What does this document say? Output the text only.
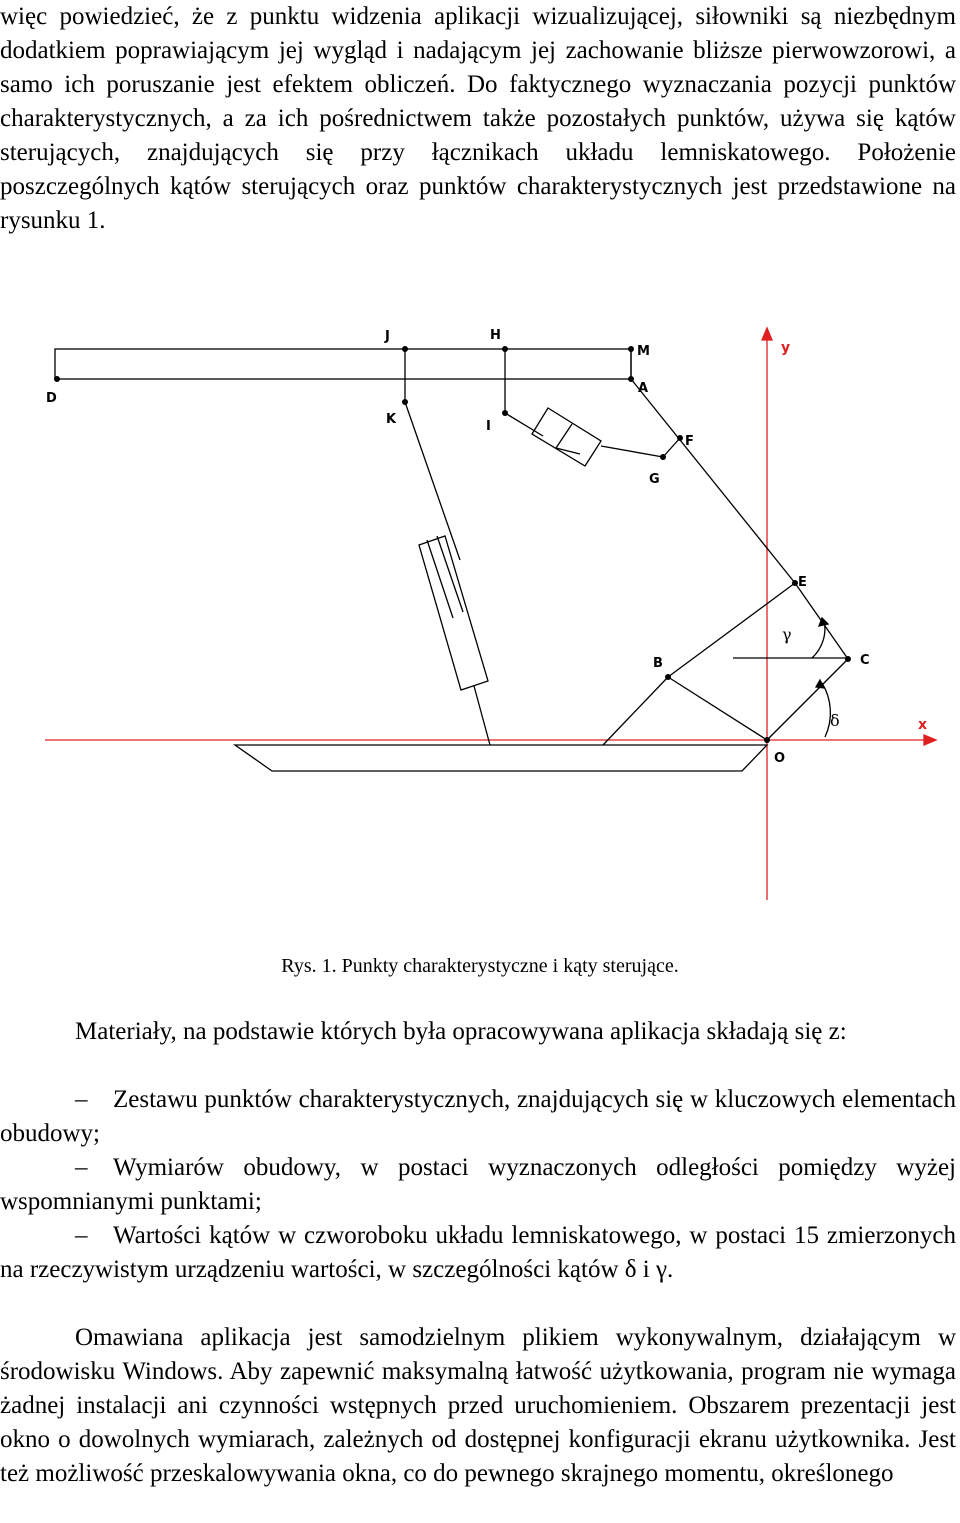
więc powiedzieć, że z punktu widzenia aplikacji wizualizującej, siłowniki są niezbędnym dodatkiem poprawiającym jej wygląd i nadającym jej zachowanie bliższe pierwowzorowi, a samo ich poruszanie jest efektem obliczeń. Do faktycznego wyznaczania pozycji punktów charakterystycznych, a za ich pośrednictwem także pozostałych punktów, używa się kątów sterujących, znajdujących się przy łącznikach układu lemniskatowego. Położenie poszczególnych kątów sterujących oraz punktów charakterystycznych jest przedstawione na rysunku 1.

D
J	H
M
A
K	I
F
G
E
C
B
O
y
x
γ
δ
Rys. 1. Punkty charakterystyczne i kąty sterujące.

Materiały, na podstawie których była opracowywana aplikacja składają się z:

– Zestawu punktów charakterystycznych, znajdujących się w kluczowych elementach obudowy;

– Wymiarów obudowy, w postaci wyznaczonych odległości pomiędzy wyżej wspomnianymi punktami;

– Wartości kątów w czworoboku układu lemniskatowego, w postaci 15 zmierzonych na rzeczywistym urządzeniu wartości, w szczególności kątów δ i γ.

Omawiana aplikacja jest samodzielnym plikiem wykonywalnym, działającym w środowisku Windows. Aby zapewnić maksymalną łatwość użytkowania, program nie wymaga żadnej instalacji ani czynności wstępnych przed uruchomieniem. Obszarem prezentacji jest okno o dowolnych wymiarach, zależnych od dostępnej konfiguracji ekranu użytkownika. Jest też możliwość przeskalowywania okna, co do pewnego skrajnego momentu, określonego
